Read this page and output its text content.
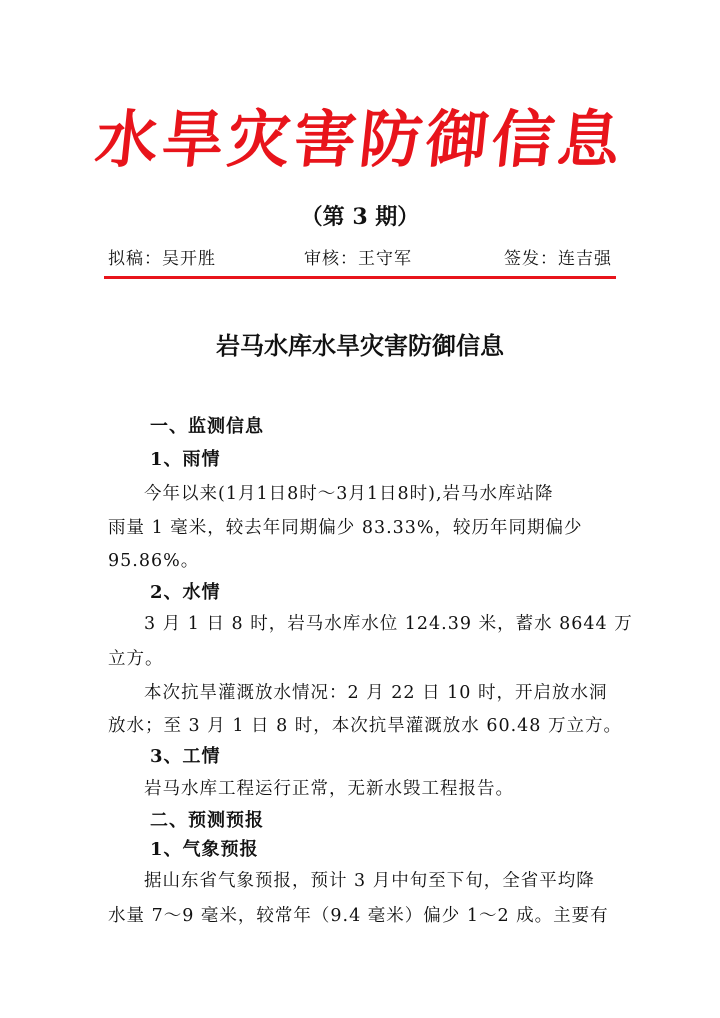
水旱灾害防御信息
（第 3 期）
拟稿：吴开胜	审核：王守军	签发：连吉强
岩马水库水旱灾害防御信息
一、监测信息
1、雨情
今年以来(1月1日8时～3月1日8时),岩马水库站降
雨量 1 毫米，较去年同期偏少 83.33%，较历年同期偏少
95.86%。
2、水情
3 月 1 日 8 时，岩马水库水位 124.39 米，蓄水 8644 万
立方。
本次抗旱灌溉放水情况：2 月 22 日 10 时，开启放水洞
放水；至 3 月 1 日 8 时，本次抗旱灌溉放水 60.48 万立方。
3、工情
岩马水库工程运行正常，无新水毁工程报告。
二、预测预报
1、气象预报
据山东省气象预报，预计 3 月中旬至下旬，全省平均降
水量 7～9 毫米，较常年（9.4 毫米）偏少 1～2 成。主要有
